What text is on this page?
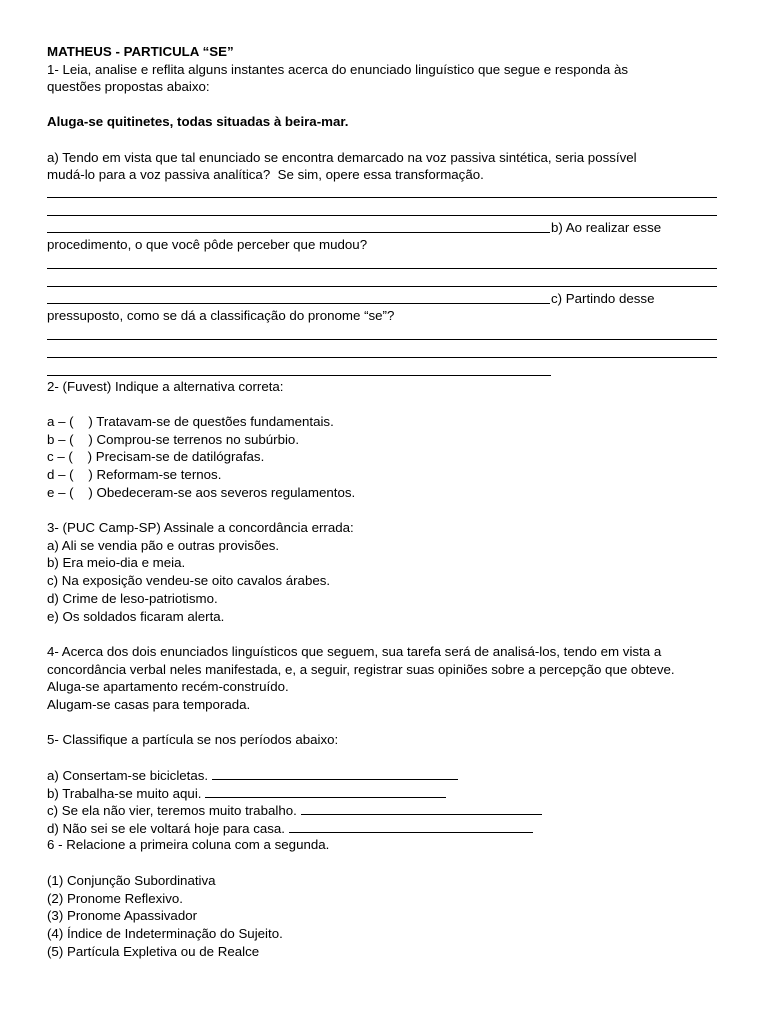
MATHEUS - PARTICULA “SE”
1- Leia, analise e reflita alguns instantes acerca do enunciado linguístico que segue e responda às
questões propostas abaixo:
Aluga-se quitinetes, todas situadas à beira-mar.
a) Tendo em vista que tal enunciado se encontra demarcado na voz passiva sintética, seria possível
mudá-lo para a voz passiva analítica?  Se sim, opere essa transformação.
b) Ao realizar esse
procedimento, o que você pôde perceber que mudou?
c) Partindo desse
pressuposto, como se dá a classificação do pronome “se”?
2- (Fuvest) Indique a alternativa correta:
a – (    ) Tratavam-se de questões fundamentais.
b – (    ) Comprou-se terrenos no subúrbio.
c – (    ) Precisam-se de datilógrafas.
d – (    ) Reformam-se ternos.
e – (    ) Obedeceram-se aos severos regulamentos.
3- (PUC Camp-SP) Assinale a concordância errada:
a) Ali se vendia pão e outras provisões.
b) Era meio-dia e meia.
c) Na exposição vendeu-se oito cavalos árabes.
d) Crime de leso-patriotismo.
e) Os soldados ficaram alerta.
4- Acerca dos dois enunciados linguísticos que seguem, sua tarefa será de analisá-los, tendo em vista a
concordância verbal neles manifestada, e, a seguir, registrar suas opiniões sobre a percepção que obteve.
Aluga-se apartamento recém-construído.
Alugam-se casas para temporada.
5- Classifique a partícula se nos períodos abaixo:
a) Consertam-se bicicletas.
b) Trabalha-se muito aqui.
c) Se ela não vier, teremos muito trabalho.
d) Não sei se ele voltará hoje para casa.
6 - Relacione a primeira coluna com a segunda.
(1) Conjunção Subordinativa
(2) Pronome Reflexivo.
(3) Pronome Apassivador
(4) Índice de Indeterminação do Sujeito.
(5) Partícula Expletiva ou de Realce
